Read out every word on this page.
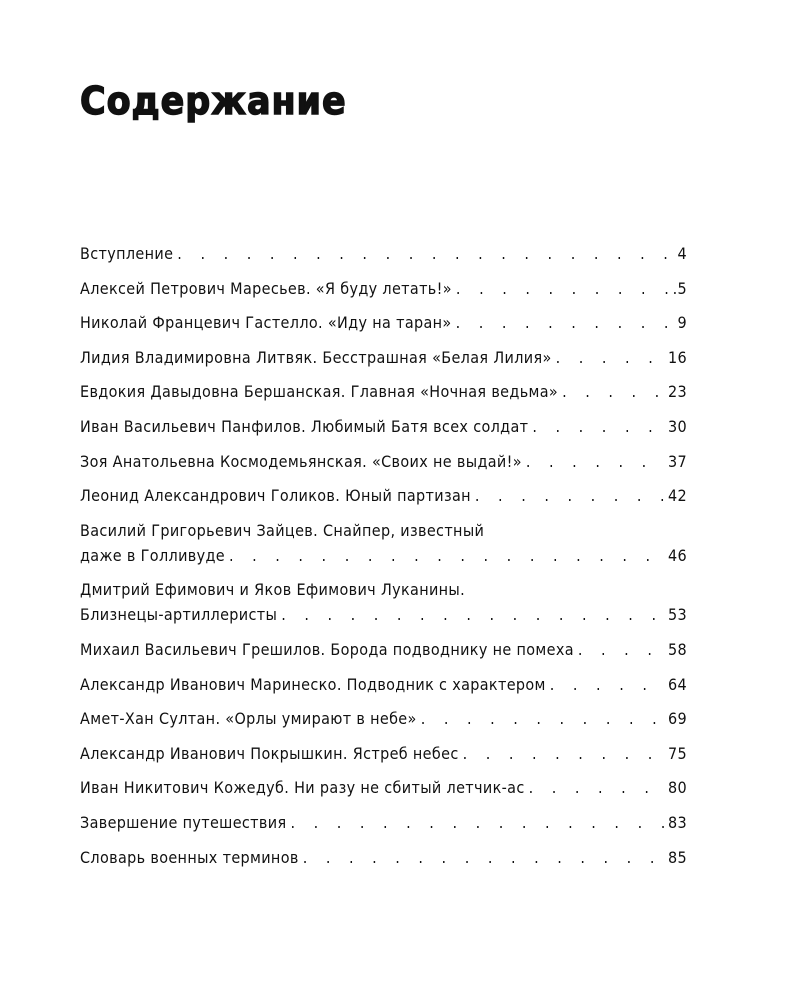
Содержание
Вступление . . .	4
Алексей Петрович Маресьев. «Я буду летать!» . . .	.5
Николай Францевич Гастелло. «Иду на таран» . . .	9
Лидия Владимировна Литвяк. Бесстрашная «Белая Лилия» . . .	16
Евдокия Давыдовна Бершанская. Главная «Ночная ведьма» . . .	23
Иван Васильевич Панфилов. Любимый Батя всех солдат . . .	30
Зоя Анатольевна Космодемьянская. «Своих не выдай!» . . .	37
Леонид Александрович Голиков. Юный партизан . . .	42
Василий Григорьевич Зайцев. Снайпер, известный
даже в Голливуде . . .	46
Дмитрий Ефимович и Яков Ефимович Луканины.
Близнецы-артиллеристы . . .	53
Михаил Васильевич Грешилов. Борода подводнику не помеха . . .	58
Александр Иванович Маринеско. Подводник с характером . . .	64
Амет-Хан Султан. «Орлы умирают в небе» . . .	69
Александр Иванович Покрышкин. Ястреб небес . . .	75
Иван Никитович Кожедуб. Ни разу не сбитый летчик-ас . . .	80
Завершение путешествия . . .	83
Словарь военных терминов . . .	85
